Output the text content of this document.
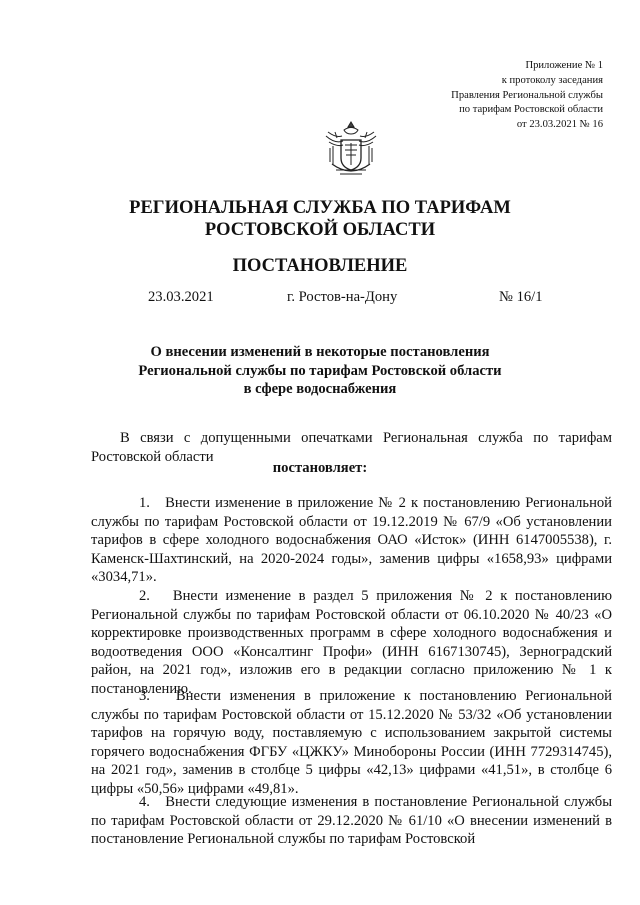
Приложение № 1
к протоколу заседания
Правления Региональной службы
по тарифам Ростовской области
от 23.03.2021 № 16
РЕГИОНАЛЬНАЯ СЛУЖБА ПО ТАРИФАМ
РОСТОВСКОЙ ОБЛАСТИ
ПОСТАНОВЛЕНИЕ
23.03.2021	г. Ростов-на-Дону	№ 16/1
О внесении изменений в некоторые постановления
Региональной службы по тарифам Ростовской области
в сфере водоснабжения

В связи с допущенными опечатками Региональная служба по тарифам Ростовской области

постановляет:

1.   Внести изменение в приложение № 2 к постановлению Региональной службы по тарифам Ростовской области от 19.12.2019 № 67/9 «Об установлении тарифов в сфере холодного водоснабжения ОАО «Исток» (ИНН 6147005538), г. Каменск-Шахтинский, на 2020-2024 годы», заменив цифры «1658,93» цифрами «3034,71».

2.   Внести изменение в раздел 5 приложения № 2 к постановлению Региональной службы по тарифам Ростовской области от 06.10.2020 № 40/23 «О корректировке производственных программ в сфере холодного водоснабжения и водоотведения ООО «Консалтинг Профи» (ИНН 6167130745), Зерноградский район, на 2021 год», изложив его в редакции согласно приложению № 1 к постановлению.

3.   Внести изменения в приложение к постановлению Региональной службы по тарифам Ростовской области от 15.12.2020 № 53/32 «Об установлении тарифов на горячую воду, поставляемую с использованием закрытой системы горячего водоснабжения ФГБУ «ЦЖКУ» Минобороны России (ИНН 7729314745), на 2021 год», заменив в столбце 5 цифры «42,13» цифрами «41,51», в столбце 6 цифры «50,56» цифрами «49,81».

4.   Внести следующие изменения в постановление Региональной службы по тарифам Ростовской области от 29.12.2020 № 61/10 «О внесении изменений в постановление Региональной службы по тарифам Ростовской
